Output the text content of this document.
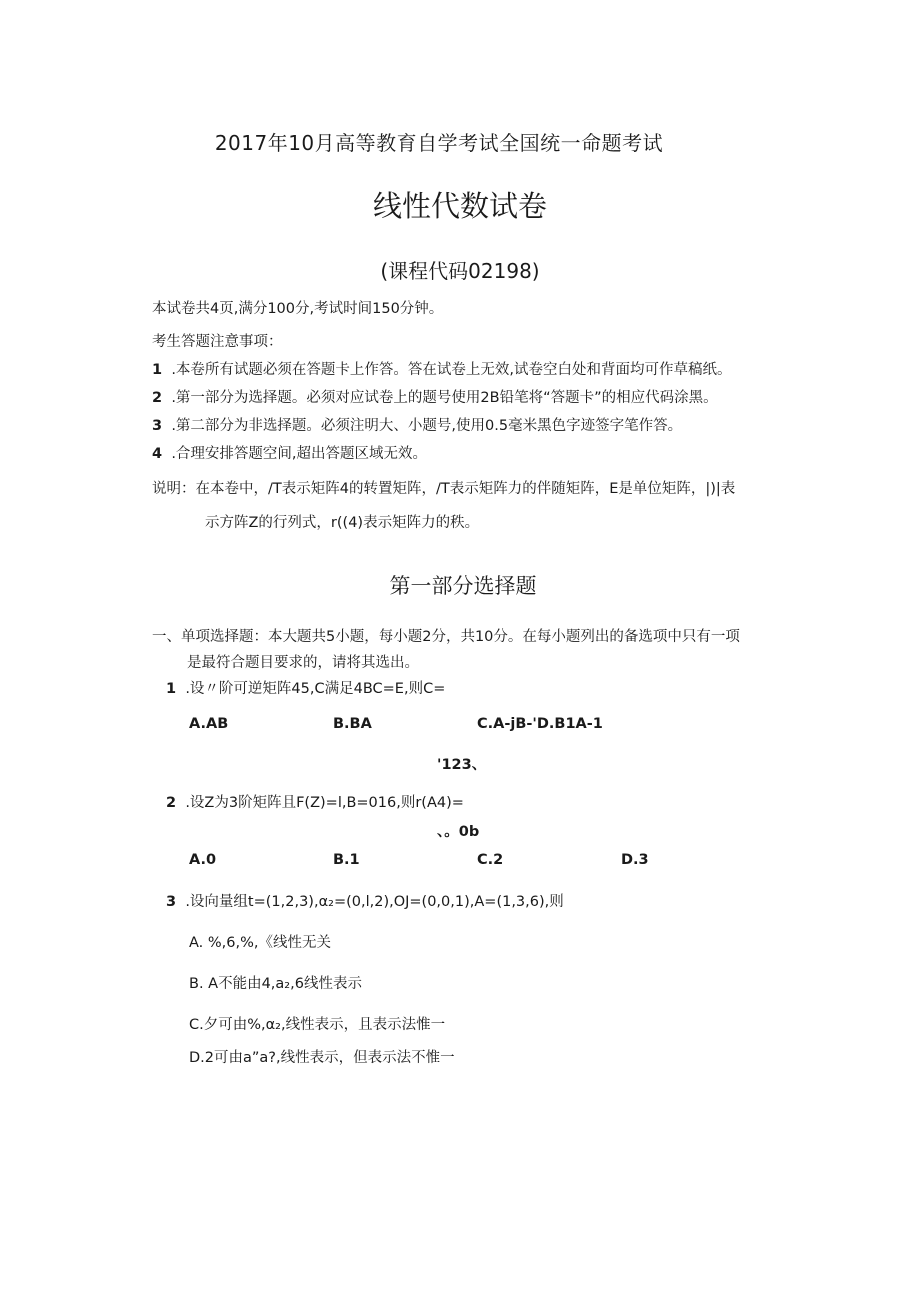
2017年10月高等教育自学考试全国统一命题考试
线性代数试卷
(课程代码02198)
本试卷共4页,满分100分,考试时间150分钟。
考生答题注意事项：
1 .本卷所有试题必须在答题卡上作答。答在试卷上无效,试卷空白处和背面均可作草稿纸。
2 .第一部分为选择题。必须对应试卷上的题号使用2B铅笔将“答题卡”的相应代码涂黑。
3 .第二部分为非选择题。必须注明大、小题号,使用0.5毫米黑色字迹签字笔作答。
4 .合理安排答题空间,超出答题区域无效。
说明：在本卷中，/T表示矩阵4的转置矩阵，/T表示矩阵力的伴随矩阵，E是单位矩阵，|)|表
示方阵Z的行列式，r((4)表示矩阵力的秩。
第一部分选择题
一、单项选择题：本大题共5小题，每小题2分，共10分。在每小题列出的备选项中只有一项
是最符合题目要求的，请将其选出。
1 .设〃阶可逆矩阵45,C满足4BC=E,则C=
A.AB	B.BA	C.A-jB-'D.B1A-1
'123、
2 .设Z为3阶矩阵且F(Z)=l,B=016,则r(A4)=
、。0b
A.0	B.1	C.2	D.3
3 .设向量组t=(1,2,3),α₂=(0,l,2),OJ=(0,0,1),A=(1,3,6),则
A. %,6,%,《线性无关
B. A不能由4,a₂,6线性表示
C.夕可由%,α₂,线性表示，且表示法惟一
D.2可由a”a?,线性表示，但表示法不惟一
